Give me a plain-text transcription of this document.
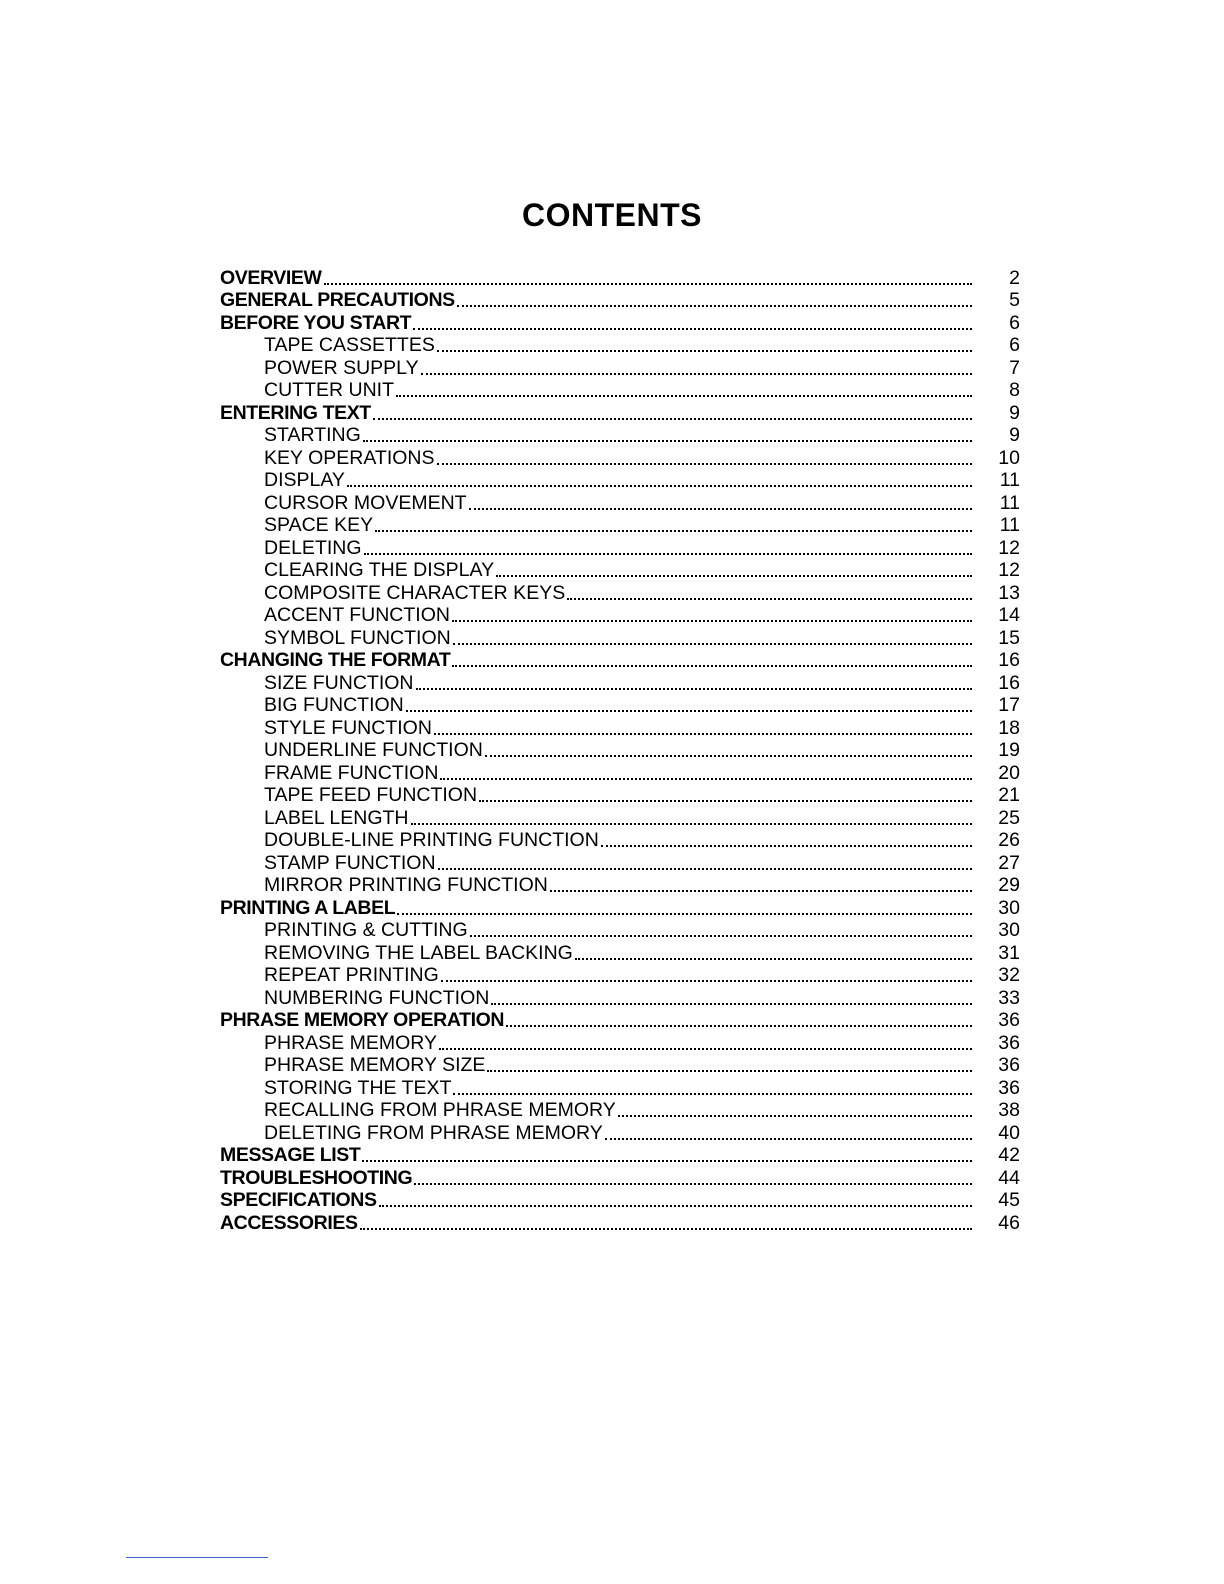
CONTENTS
OVERVIEW	2
GENERAL PRECAUTIONS	5
BEFORE YOU START	6
TAPE CASSETTES	6
POWER SUPPLY	7
CUTTER UNIT	8
ENTERING TEXT	9
STARTING	9
KEY OPERATIONS	10
DISPLAY	11
CURSOR MOVEMENT	11
SPACE KEY	11
DELETING	12
CLEARING THE DISPLAY	12
COMPOSITE CHARACTER KEYS	13
ACCENT FUNCTION	14
SYMBOL FUNCTION	15
CHANGING THE FORMAT	16
SIZE FUNCTION	16
BIG FUNCTION	17
STYLE FUNCTION	18
UNDERLINE FUNCTION	19
FRAME FUNCTION	20
TAPE FEED FUNCTION	21
LABEL LENGTH	25
DOUBLE-LINE PRINTING FUNCTION	26
STAMP FUNCTION	27
MIRROR PRINTING FUNCTION	29
PRINTING A LABEL	30
PRINTING & CUTTING	30
REMOVING THE LABEL BACKING	31
REPEAT PRINTING	32
NUMBERING FUNCTION	33
PHRASE MEMORY OPERATION	36
PHRASE MEMORY	36
PHRASE MEMORY SIZE	36
STORING THE TEXT	36
RECALLING FROM PHRASE MEMORY	38
DELETING FROM PHRASE MEMORY	40
MESSAGE LIST	42
TROUBLESHOOTING	44
SPECIFICATIONS	45
ACCESSORIES	46
